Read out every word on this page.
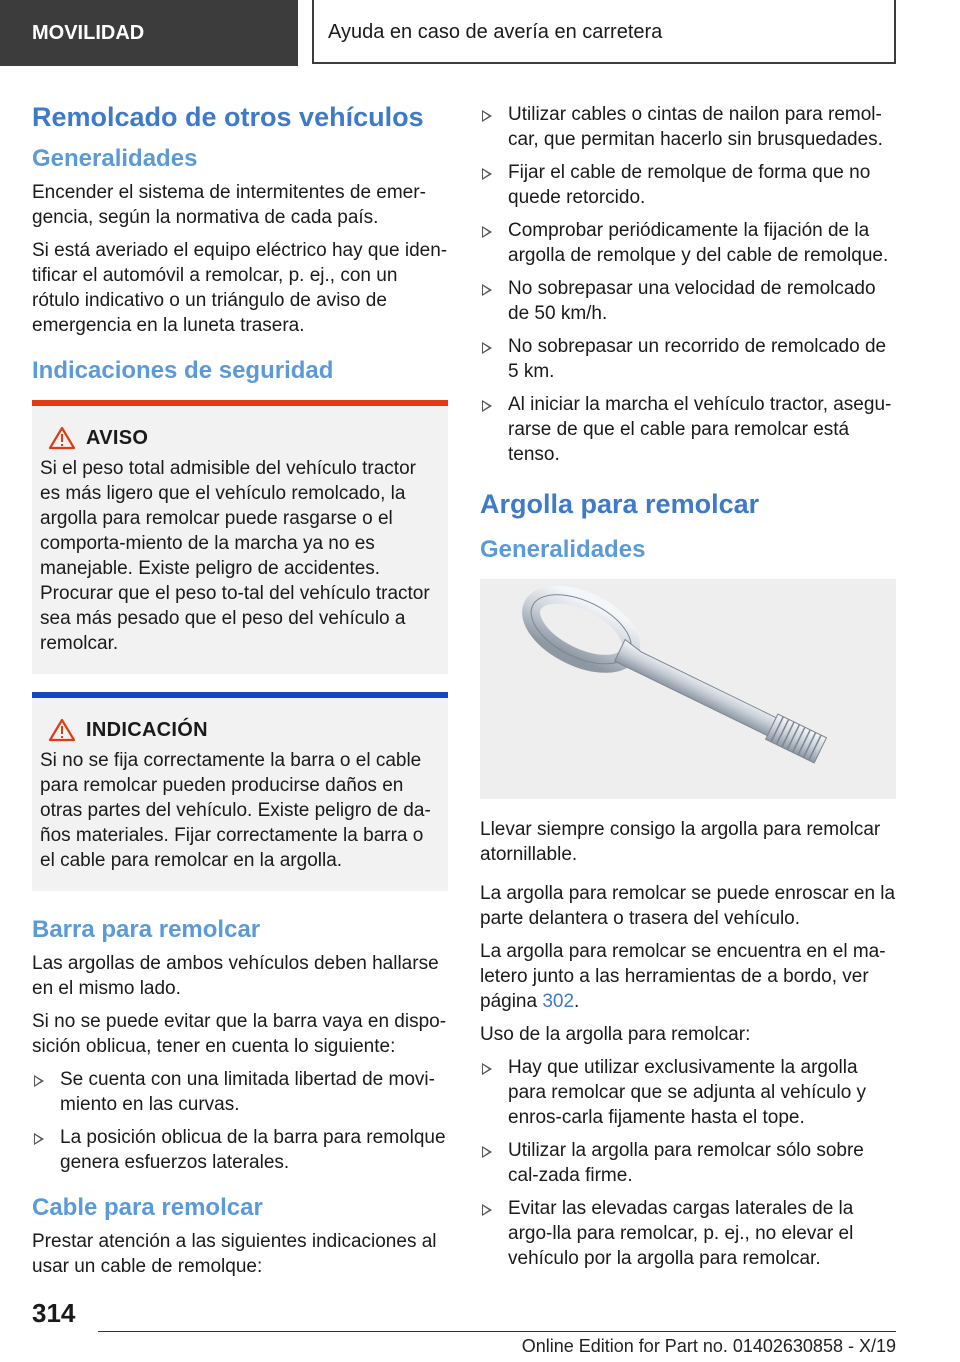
MOVILIDAD	Ayuda en caso de avería en carretera
Remolcado de otros vehículos
Generalidades

Encender el sistema de intermitentes de emer-gencia, según la normativa de cada país.

Si está averiado el equipo eléctrico hay que iden-tificar el automóvil a remolcar, p. ej., con un rótulo indicativo o un triángulo de aviso de emergencia en la luneta trasera.

Indicaciones de seguridad
AVISO

Si el peso total admisible del vehículo tractor es más ligero que el vehículo remolcado, la argolla para remolcar puede rasgarse o el comporta-miento de la marcha ya no es manejable. Existe peligro de accidentes. Procurar que el peso to-tal del vehículo tractor sea más pesado que el peso del vehículo a remolcar.

INDICACIÓN

Si no se fija correctamente la barra o el cable para remolcar pueden producirse daños en otras partes del vehículo. Existe peligro de da-ños materiales. Fijar correctamente la barra o el cable para remolcar en la argolla.

Barra para remolcar

Las argollas de ambos vehículos deben hallarse en el mismo lado.

Si no se puede evitar que la barra vaya en dispo-sición oblicua, tener en cuenta lo siguiente:

Se cuenta con una limitada libertad de movi-miento en las curvas.
La posición oblicua de la barra para remolque genera esfuerzos laterales.
Cable para remolcar

Prestar atención a las siguientes indicaciones al usar un cable de remolque:

Utilizar cables o cintas de nailon para remol-car, que permitan hacerlo sin brusquedades.
Fijar el cable de remolque de forma que no quede retorcido.
Comprobar periódicamente la fijación de la argolla de remolque y del cable de remolque.
No sobrepasar una velocidad de remolcado de 50 km/h.
No sobrepasar un recorrido de remolcado de 5 km.
Al iniciar la marcha el vehículo tractor, asegu-rarse de que el cable para remolcar está tenso.
Argolla para remolcar
Generalidades

Llevar siempre consigo la argolla para remolcar atornillable.

La argolla para remolcar se puede enroscar en la parte delantera o trasera del vehículo.

La argolla para remolcar se encuentra en el ma-letero junto a las herramientas de a bordo, ver página 302.

Uso de la argolla para remolcar:

Hay que utilizar exclusivamente la argolla para remolcar que se adjunta al vehículo y enros-carla fijamente hasta el tope.
Utilizar la argolla para remolcar sólo sobre cal-zada firme.
Evitar las elevadas cargas laterales de la argo-lla para remolcar, p. ej., no elevar el vehículo por la argolla para remolcar.
314
Online Edition for Part no. 01402630858 - X/19
